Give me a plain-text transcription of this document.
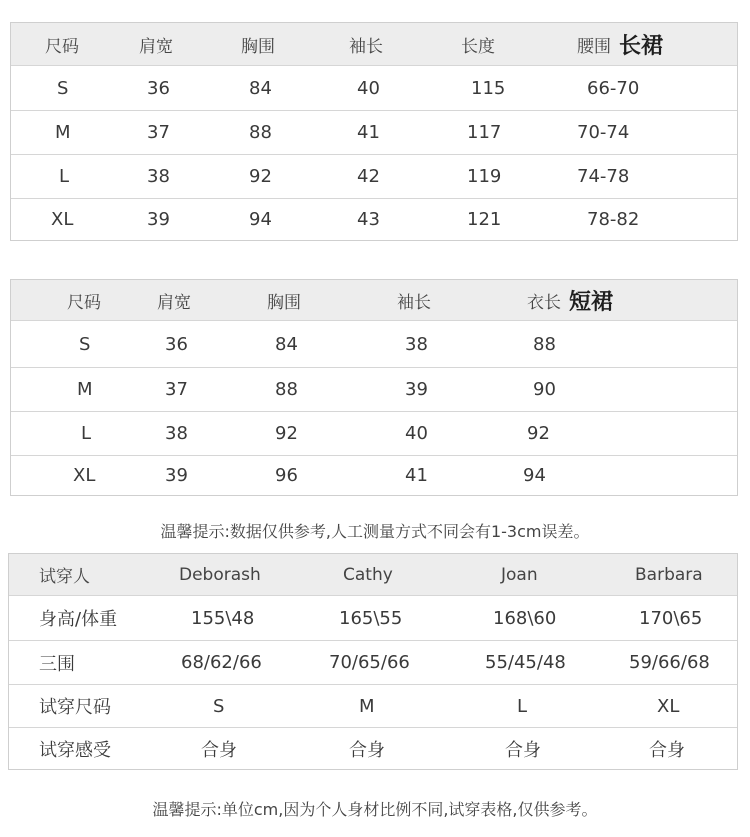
尺码	肩宽	胸围	袖长	长度	腰围 长裙
S	36	84	40	115	66-70
M	37	88	41	117	70-74
L	38	92	42	119	74-78
XL	39	94	43	121	78-82
尺码	肩宽	胸围	袖长	衣长 短裙
S	36	84	38	88
M	37	88	39	90
L	38	92	40	92
XL	39	96	41	94
温馨提示:数据仅供参考,人工测量方式不同会有1-3cm误差。
试穿人	Deborash	Cathy	Joan	Barbara
身高/体重	155\48	165\55	168\60	170\65
三围	68/62/66	70/65/66	55/45/48	59/66/68
试穿尺码	S	M	L	XL
试穿感受	合身	合身	合身	合身
温馨提示:单位cm,因为个人身材比例不同,试穿表格,仅供参考。
